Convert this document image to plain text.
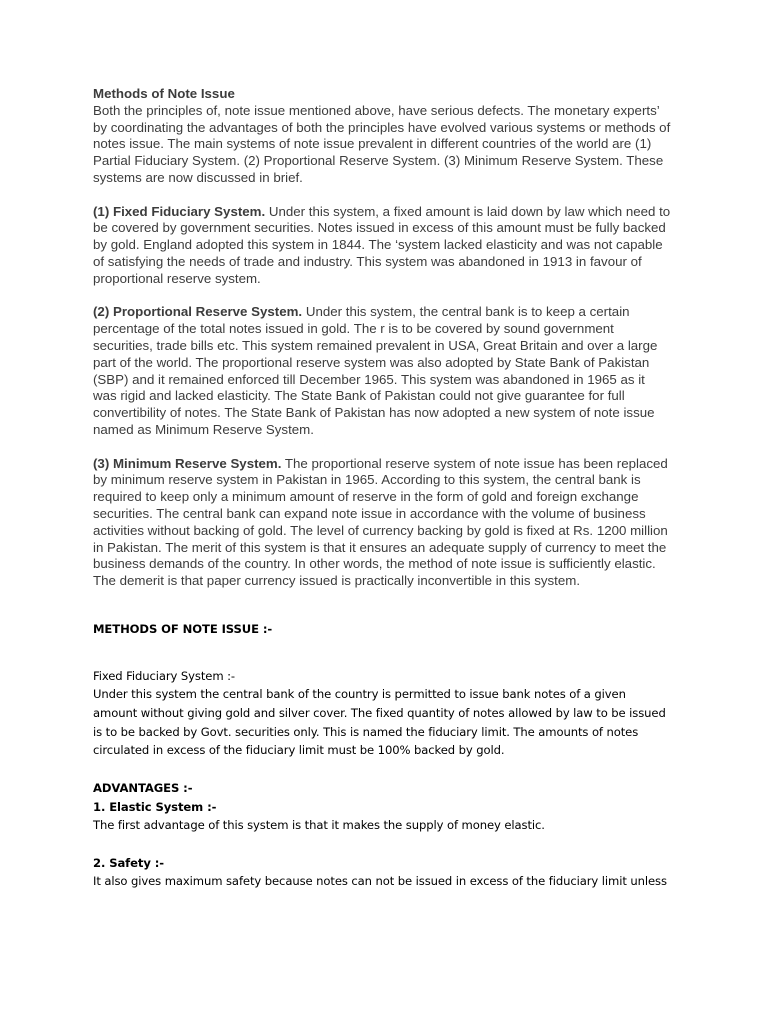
Methods of Note Issue
Both the principles of, note issue mentioned above, have serious defects. The monetary experts’ by coordinating the advantages of both the principles have evolved various systems or methods of notes issue. The main systems of note issue prevalent in different countries of the world are (1) Partial Fiduciary System. (2) Proportional Reserve System. (3) Minimum Reserve System. These systems are now discussed in brief.

(1) Fixed Fiduciary System. Under this system, a fixed amount is laid down by law which need to be covered by government securities. Notes issued in excess of this amount must be fully backed by gold. England adopted this system in 1844. The ‘system lacked elasticity and was not capable of satisfying the needs of trade and industry. This system was abandoned in 1913 in favour of proportional reserve system.

(2) Proportional Reserve System. Under this system, the central bank is to keep a certain percentage of the total notes issued in gold. The r is to be covered by sound government securities, trade bills etc. This system remained prevalent in USA, Great Britain and over a large part of the world. The proportional reserve system was also adopted by State Bank of Pakistan (SBP) and it remained enforced till December 1965. This system was abandoned in 1965 as it was rigid and lacked elasticity. The State Bank of Pakistan could not give guarantee for full convertibility of notes. The State Bank of Pakistan has now adopted a new system of note issue named as Minimum Reserve System.

(3) Minimum Reserve System. The proportional reserve system of note issue has been replaced by minimum reserve system in Pakistan in 1965. According to this system, the central bank is required to keep only a minimum amount of reserve in the form of gold and foreign exchange securities. The central bank can expand note issue in accordance with the volume of business activities without backing of gold. The level of currency backing by gold is fixed at Rs. 1200 million in Pakistan. The merit of this system is that it ensures an adequate supply of currency to meet the business demands of the country. In other words, the method of note issue is sufficiently elastic. The demerit is that paper currency issued is practically inconvertible in this system.

METHODS OF NOTE ISSUE :-

Fixed Fiduciary System :-

Under this system the central bank of the country is permitted to issue bank notes of a given amount without giving gold and silver cover. The fixed quantity of notes allowed by law to be issued is to be backed by Govt. securities only. This is named the fiduciary limit. The amounts of notes circulated in excess of the fiduciary limit must be 100% backed by gold.

ADVANTAGES :-

1. Elastic System :-

The first advantage of this system is that it makes the supply of money elastic.

2. Safety :-

It also gives maximum safety because notes can not be issued in excess of the fiduciary limit unless
